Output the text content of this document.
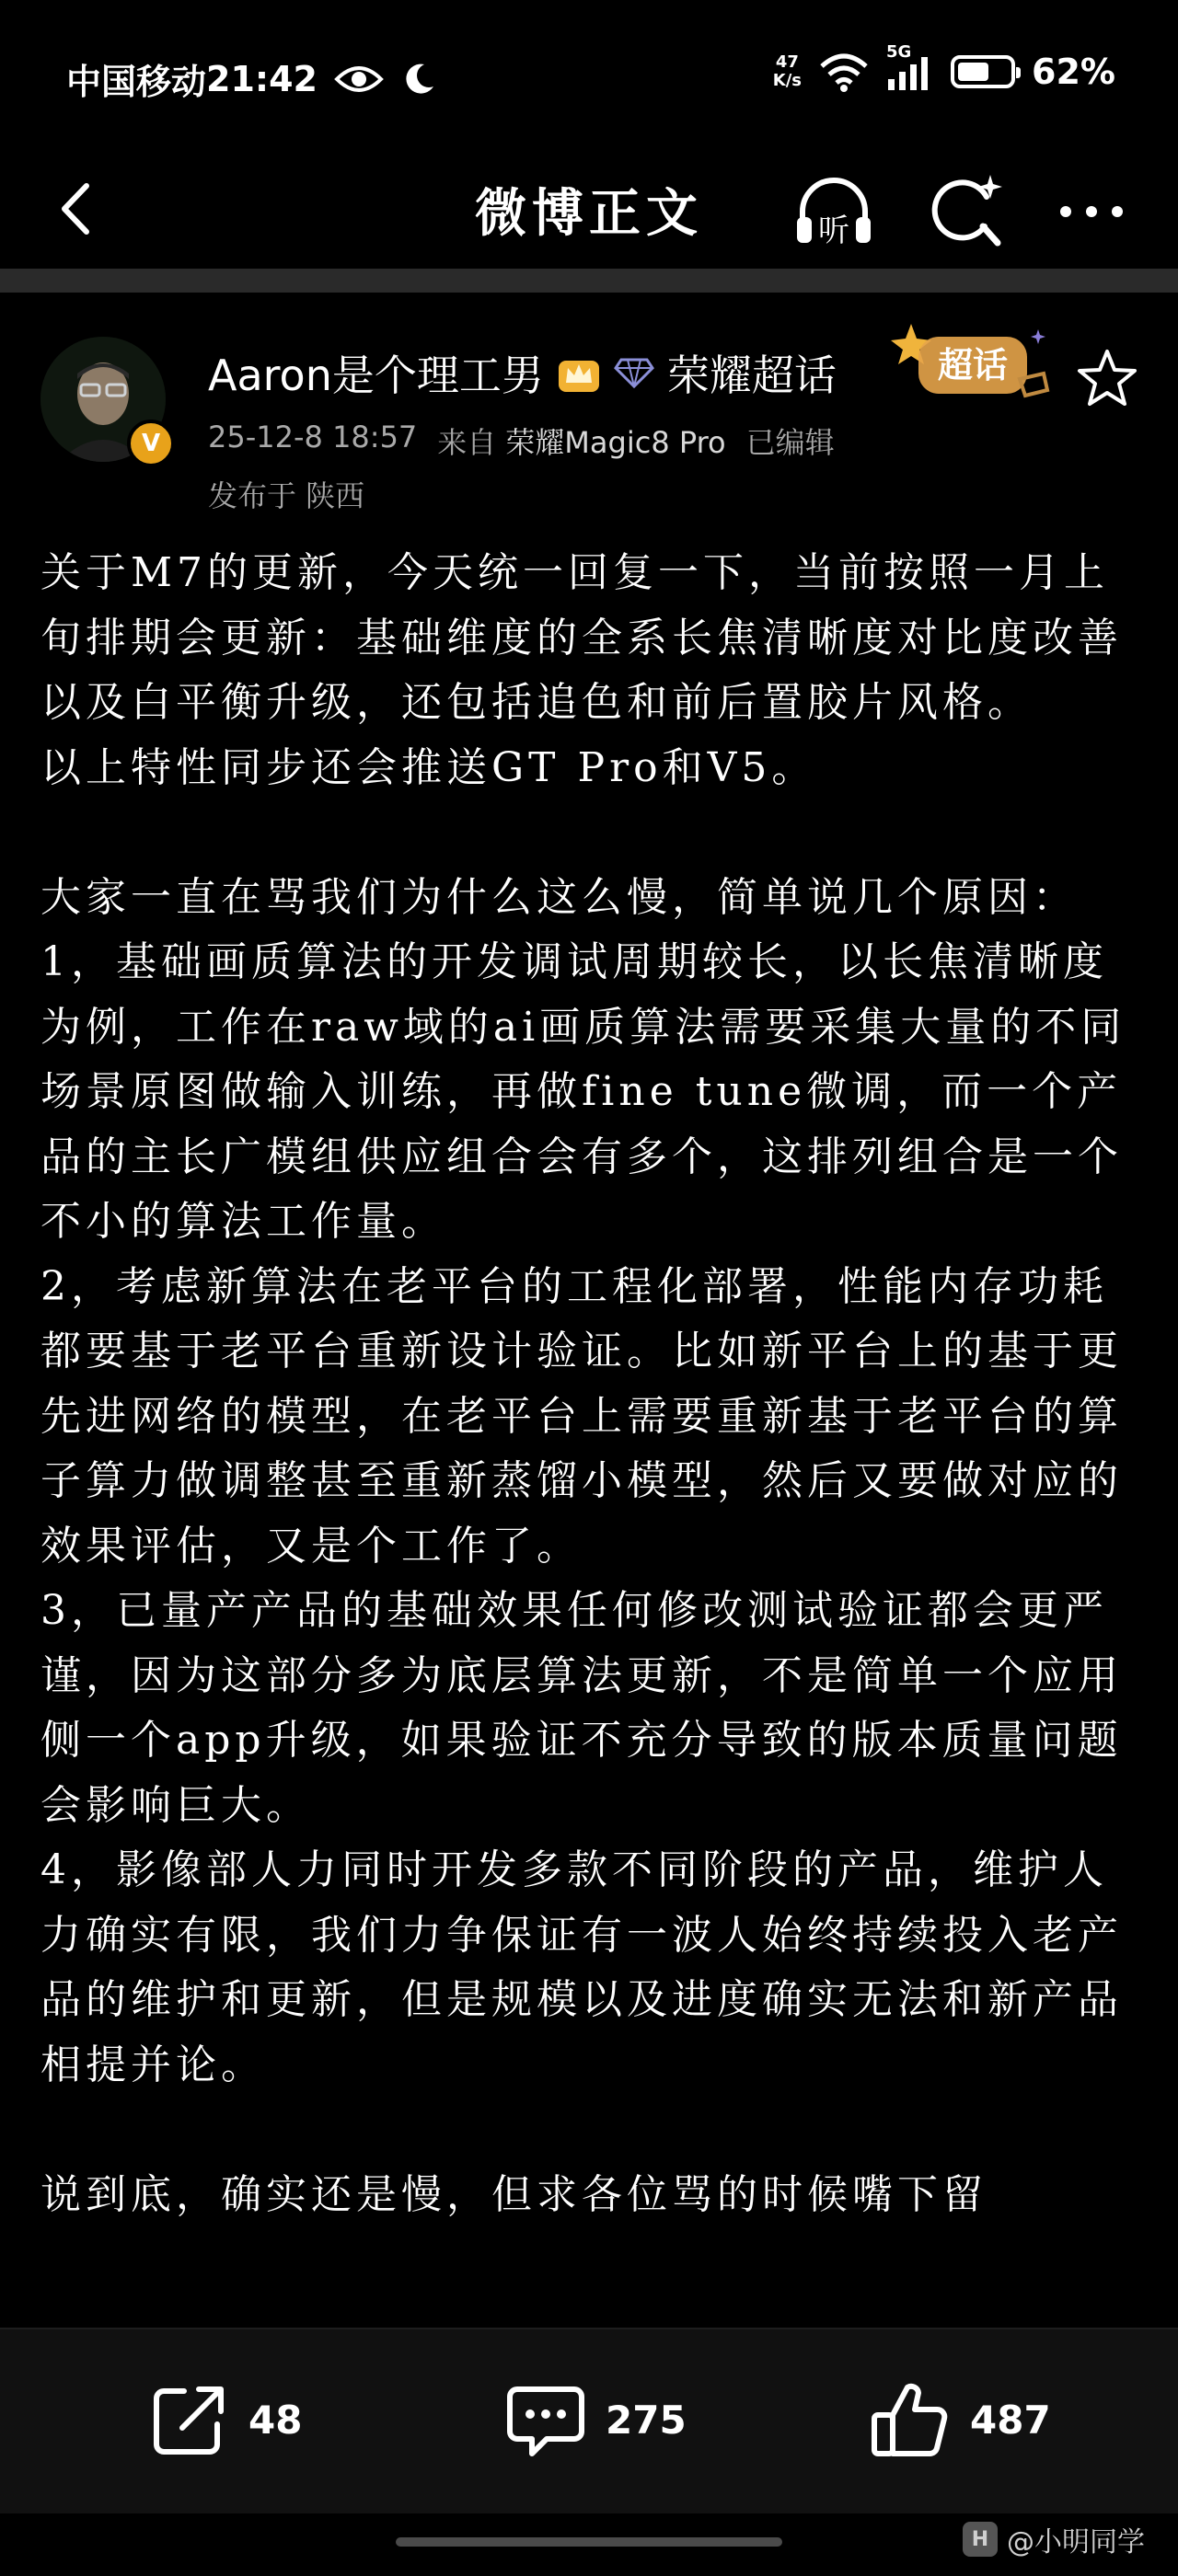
中国移动 21:42	47
K/s
5G	62%
微博正文	听
V
Aaron是个理工男	荣耀超话	超话
25-12-8 18:57 来自 荣耀Magic8 Pro 已编辑
发布于 陕西

关于M7的更新，今天统一回复一下，当前按照一月上旬排期会更新：基础维度的全系长焦清晰度对比度改善以及白平衡升级，还包括追色和前后置胶片风格。

以上特性同步还会推送GT Pro和V5。

大家一直在骂我们为什么这么慢，简单说几个原因：

1，基础画质算法的开发调试周期较长，以长焦清晰度为例，工作在raw域的ai画质算法需要采集大量的不同场景原图做输入训练，再做fine tune微调，而一个产品的主长广模组供应组合会有多个，这排列组合是一个不小的算法工作量。

2，考虑新算法在老平台的工程化部署，性能内存功耗都要基于老平台重新设计验证。比如新平台上的基于更先进网络的模型，在老平台上需要重新基于老平台的算子算力做调整甚至重新蒸馏小模型，然后又要做对应的效果评估，又是个工作了。

3，已量产产品的基础效果任何修改测试验证都会更严谨，因为这部分多为底层算法更新，不是简单一个应用侧一个app升级，如果验证不充分导致的版本质量问题会影响巨大。

4，影像部人力同时开发多款不同阶段的产品，维护人力确实有限，我们力争保证有一波人始终持续投入老产品的维护和更新，但是规模以及进度确实无法和新产品相提并论。

说到底，确实还是慢，但求各位骂的时候嘴下留

48	275	487
H @小明同学
